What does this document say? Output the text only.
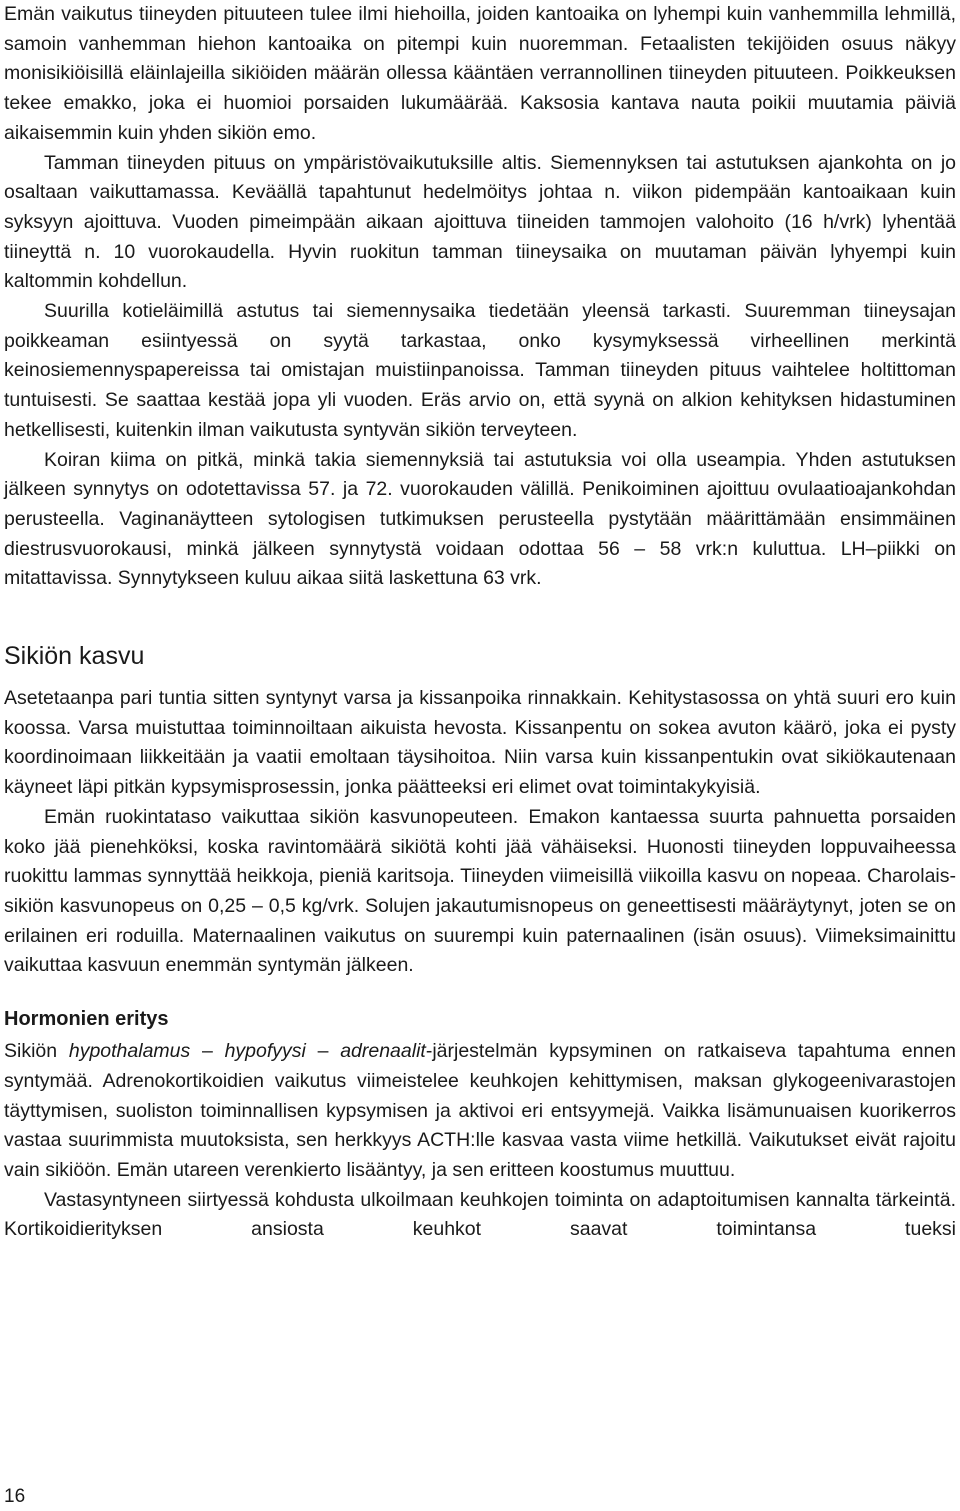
Emän vaikutus tiineyden pituuteen tulee ilmi hiehoilla, joiden kantoaika on lyhempi kuin vanhemmilla lehmillä, samoin vanhemman hiehon kantoaika on pitempi kuin nuoremman. Fetaalisten tekijöiden osuus näkyy monisikiöisillä eläinlajeilla sikiöiden määrän ollessa kääntäen verrannollinen tiineyden pituuteen. Poikkeuksen tekee emakko, joka ei huomioi porsaiden lukumäärää. Kaksosia kantava nauta poikii muutamia päiviä aikaisemmin kuin yhden sikiön emo.

Tamman tiineyden pituus on ympäristövaikutuksille altis. Siemennyksen tai astutuksen ajankohta on jo osaltaan vaikuttamassa. Keväällä tapahtunut hedelmöitys johtaa n. viikon pidempään kantoaikaan kuin syksyyn ajoittuva. Vuoden pimeimpään aikaan ajoittuva tiineiden tammojen valohoito (16 h/vrk) lyhentää tiineyttä n. 10 vuorokaudella. Hyvin ruokitun tamman tiineysaika on muutaman päivän lyhyempi kuin kaltommin kohdellun.

Suurilla kotieläimillä astutus tai siemennysaika tiedetään yleensä tarkasti. Suuremman tiineysajan poikkeaman esiintyessä on syytä tarkastaa, onko kysymyksessä virheellinen merkintä keinosiemennyspapereissa tai omistajan muistiinpanoissa. Tamman tiineyden pituus vaihtelee holtittoman tuntuisesti. Se saattaa kestää jopa yli vuoden. Eräs arvio on, että syynä on alkion kehityksen hidastuminen hetkellisesti, kuitenkin ilman vaikutusta syntyvän sikiön terveyteen.

Koiran kiima on pitkä, minkä takia siemennyksiä tai astutuksia voi olla useampia. Yhden astutuksen jälkeen synnytys on odotettavissa 57. ja 72. vuorokauden välillä. Penikoiminen ajoittuu ovulaatioajankohdan perusteella. Vaginanäytteen sytologisen tutkimuksen perusteella pystytään määrittämään ensimmäinen diestrusvuorokausi, minkä jälkeen synnytystä voidaan odottaa 56 – 58 vrk:n kuluttua. LH–piikki on mitattavissa. Synnytykseen kuluu aikaa siitä laskettuna 63 vrk.

Sikiön kasvu

Asetetaanpa pari tuntia sitten syntynyt varsa ja kissanpoika rinnakkain. Kehitystasossa on yhtä suuri ero kuin koossa. Varsa muistuttaa toiminnoiltaan aikuista hevosta. Kissanpentu on sokea avuton käärö, joka ei pysty koordinoimaan liikkeitään ja vaatii emoltaan täysihoitoa. Niin varsa kuin kissanpentukin ovat sikiökautenaan käyneet läpi pitkän kypsymisprosessin, jonka päätteeksi eri elimet ovat toimintakykyisiä.

Emän ruokintataso vaikuttaa sikiön kasvunopeuteen. Emakon kantaessa suurta pahnuetta porsaiden koko jää pienehköksi, koska ravintomäärä sikiötä kohti jää vähäiseksi. Huonosti tiineyden loppuvaiheessa ruokittu lammas synnyttää heikkoja, pieniä karitsoja. Tiineyden viimeisillä viikoilla kasvu on nopeaa. Charolais-sikiön kasvunopeus on 0,25 – 0,5 kg/vrk. Solujen jakautumisnopeus on geneettisesti määräytynyt, joten se on erilainen eri roduilla. Maternaalinen vaikutus on suurempi kuin paternaalinen (isän osuus). Viimeksimainittu vaikuttaa kasvuun enemmän syntymän jälkeen.

Hormonien eritys

Sikiön hypothalamus – hypofyysi – adrenaalit-järjestelmän kypsyminen on ratkaiseva tapahtuma ennen syntymää. Adrenokortikoidien vaikutus viimeistelee keuhkojen kehittymisen, maksan glykogeenivarastojen täyttymisen, suoliston toiminnallisen kypsymisen ja aktivoi eri entsyymejä. Vaikka lisämunuaisen kuorikerros vastaa suurimmista muutoksista, sen herkkyys ACTH:lle kasvaa vasta viime hetkillä. Vaikutukset eivät rajoitu vain sikiöön. Emän utareen verenkierto lisääntyy, ja sen eritteen koostumus muuttuu.

Vastasyntyneen siirtyessä kohdusta ulkoilmaan keuhkojen toiminta on adaptoitumisen kannalta tärkeintä. Kortikoidierityksen ansiosta keuhkot saavat toimintansa tueksi

16
